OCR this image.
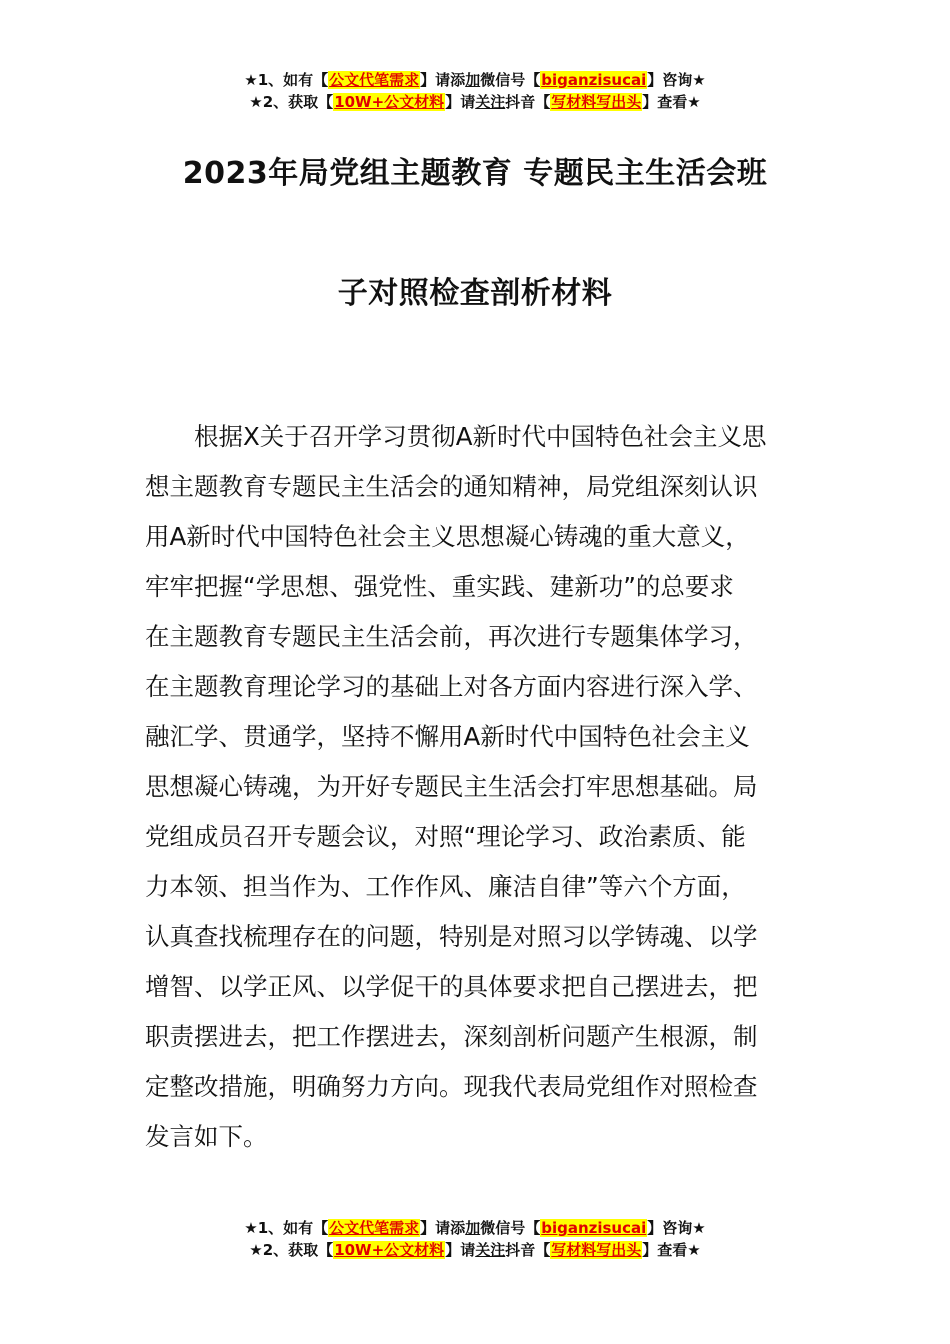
★1、如有【公文代笔需求】请添加微信号【biganzisucai】咨询★
★2、获取【10W+公文材料】请关注抖音【写材料写出头】查看★
2023年局党组主题教育 专题民主生活会班
子对照检查剖析材料
根据X关于召开学习贯彻A新时代中国特色社会主义思
想主题教育专题民主生活会的通知精神，局党组深刻认识
用A新时代中国特色社会主义思想凝心铸魂的重大意义，
牢牢把握“学思想、强党性、重实践、建新功”的总要求
在主题教育专题民主生活会前，再次进行专题集体学习，
在主题教育理论学习的基础上对各方面内容进行深入学、
融汇学、贯通学，坚持不懈用A新时代中国特色社会主义
思想凝心铸魂，为开好专题民主生活会打牢思想基础。局
党组成员召开专题会议，对照“理论学习、政治素质、能
力本领、担当作为、工作作风、廉洁自律”等六个方面，
认真查找梳理存在的问题，特别是对照习以学铸魂、以学
增智、以学正风、以学促干的具体要求把自己摆进去，把
职责摆进去，把工作摆进去，深刻剖析问题产生根源，制
定整改措施，明确努力方向。现我代表局党组作对照检查
发言如下。
★1、如有【公文代笔需求】请添加微信号【biganzisucai】咨询★
★2、获取【10W+公文材料】请关注抖音【写材料写出头】查看★
